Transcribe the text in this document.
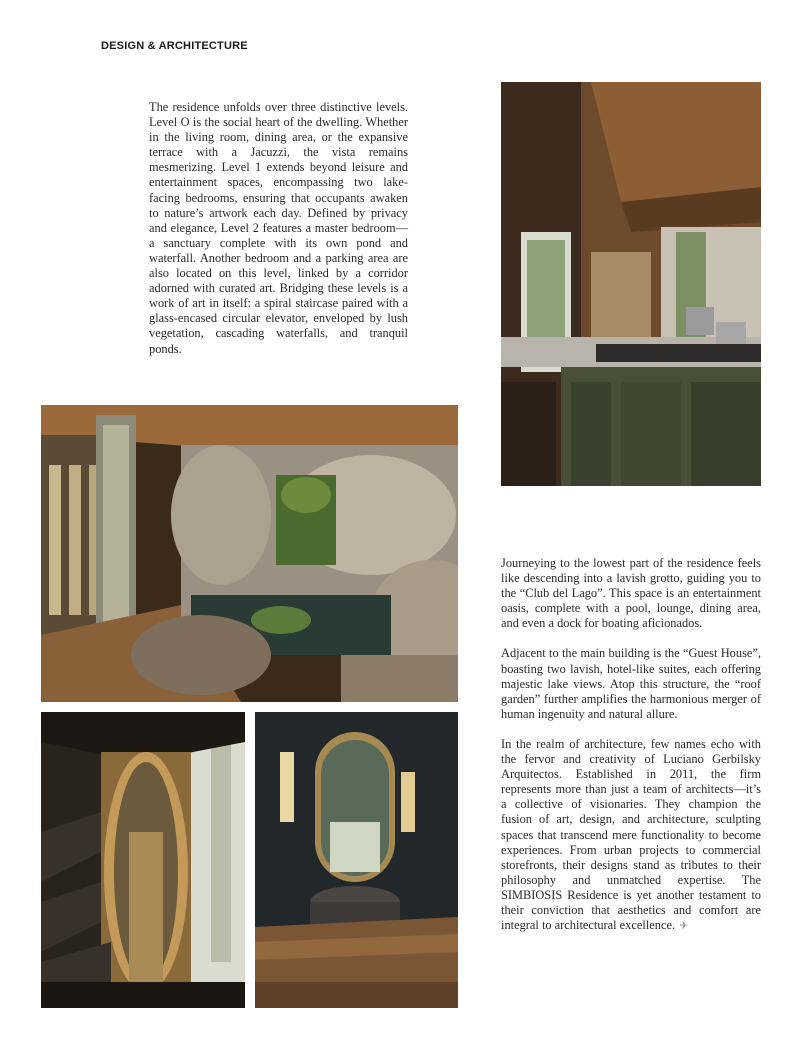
DESIGN & ARCHITECTURE

The residence unfolds over three distinctive levels. Level O is the social heart of the dwelling. Whether in the living room, dining area, or the expansive terrace with a Jacuzzi, the vista remains mesmerizing. Level 1 extends beyond leisure and entertainment spaces, encompassing two lake-facing bedrooms, ensuring that occupants awaken to nature’s artwork each day. Defined by privacy and elegance, Level 2 features a master bedroom—a sanctuary complete with its own pond and waterfall. Another bedroom and a parking area are also located on this level, linked by a corridor adorned with curated art. Bridging these levels is a work of art in itself: a spiral staircase paired with a glass-encased circular elevator, enveloped by lush vegetation, cascading waterfalls, and tranquil ponds.

Journeying to the lowest part of the residence feels like descending into a lavish grotto, guiding you to the “Club del Lago”. This space is an entertainment oasis, complete with a pool, lounge, dining area, and even a dock for boating aficionados.

Adjacent to the main building is the “Guest House”, boasting two lavish, hotel-like suites, each offering majestic lake views. Atop this structure, the “roof garden” further amplifies the harmonious merger of human ingenuity and natural allure.

In the realm of architecture, few names echo with the fervor and creativity of Luciano Gerbilsky Arquitectos. Established in 2011, the firm represents more than just a team of architects—it’s a collective of visionaries. They champion the fusion of art, design, and architecture, sculpting spaces that transcend mere functionality to become experiences. From urban projects to commercial storefronts, their designs stand as tributes to their philosophy and unmatched expertise. The SIMBIOSIS Residence is yet another testament to their conviction that aesthetics and comfort are integral to architectural excellence. ✈
